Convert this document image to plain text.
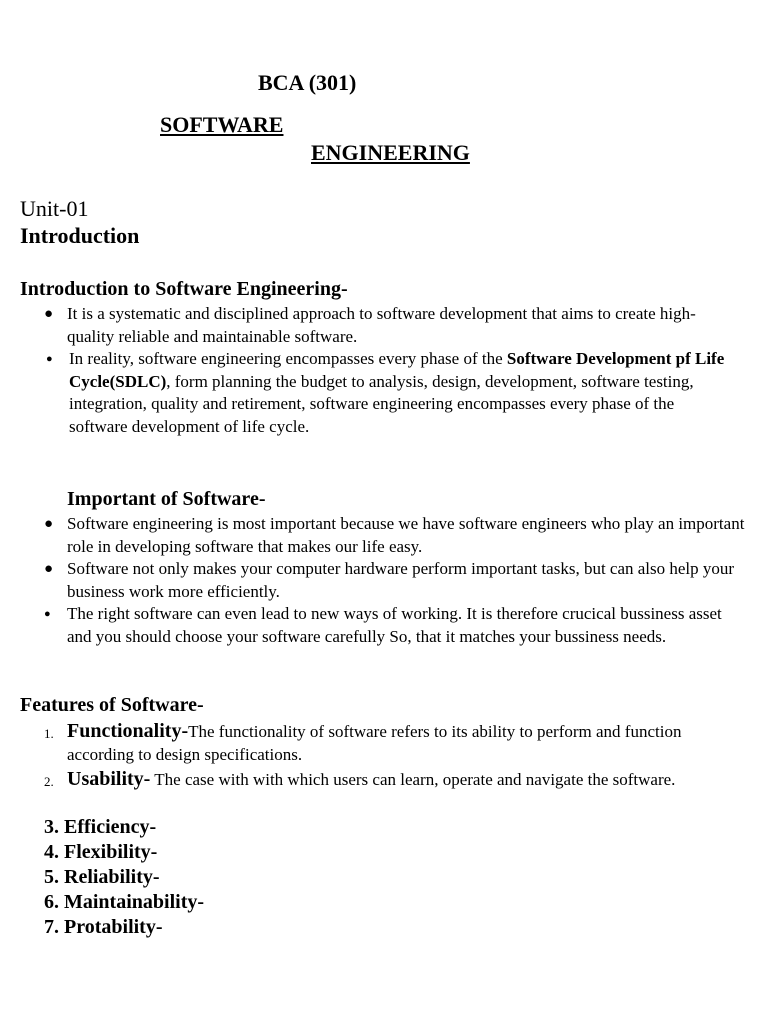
BCA (301)
SOFTWARE
ENGINEERING
Unit-01
Introduction
Introduction to Software Engineering-
● It is a systematic and disciplined approach to software development that aims to create high-quality reliable and maintainable software.
● In reality, software engineering encompasses every phase of the Software Development pf Life Cycle(SDLC), form planning the budget to analysis, design, development, software testing, integration, quality and retirement, software engineering encompasses every phase of the software development of life cycle.
Important of Software-
● Software engineering is most important because we have software engineers who play an important role in developing software that makes our life easy.
● Software not only makes your computer hardware perform important tasks, but can also help your business work more efficiently.
● The right software can even lead to new ways of working. It is therefore crucical bussiness asset and you should choose your software carefully So, that it matches your bussiness needs.
Features of Software-
1. Functionality-The functionality of software refers to its ability to perform and function according to design specifications.
2. Usability- The case with with which users can learn, operate and navigate the software.
3. Efficiency-
4. Flexibility-
5. Reliability-
6. Maintainability-
7. Protability-
